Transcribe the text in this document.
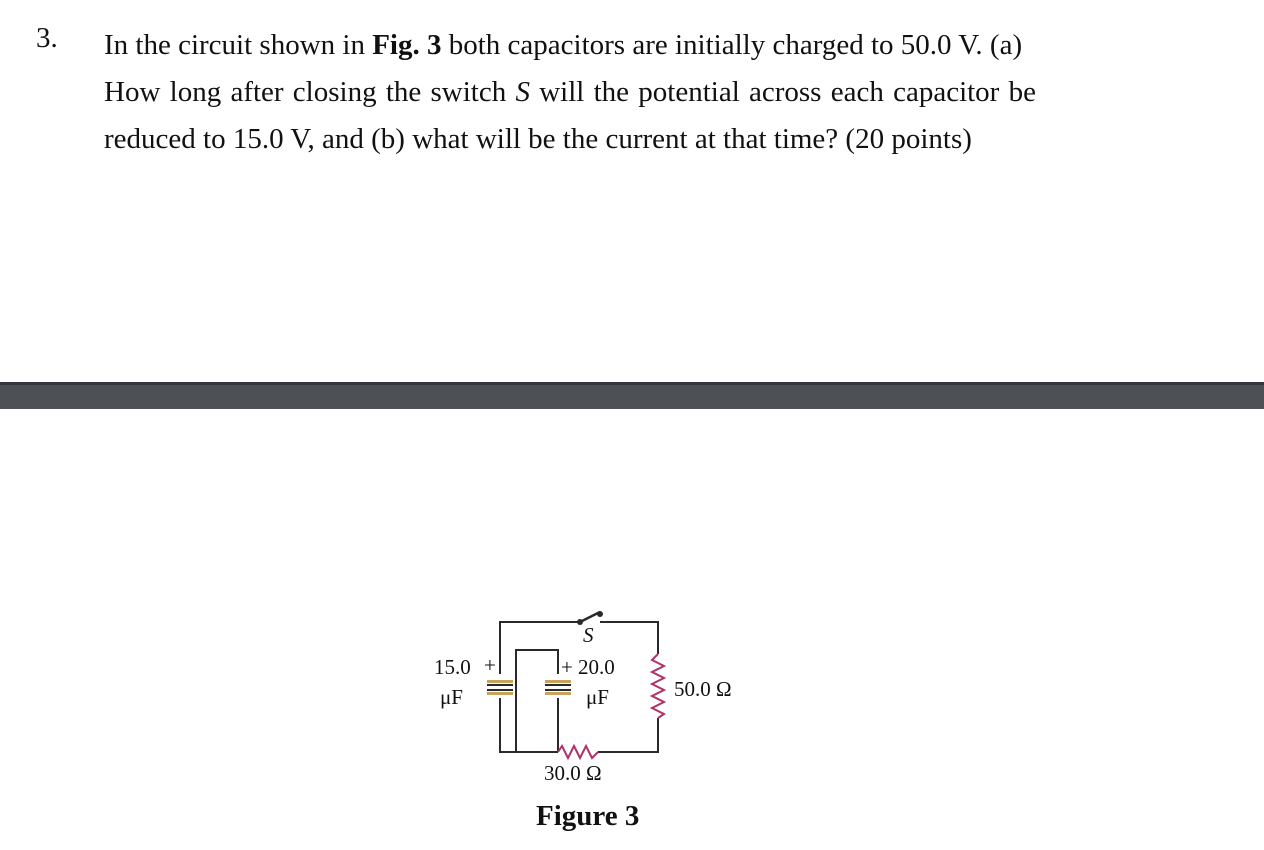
3. In the circuit shown in Fig. 3 both capacitors are initially charged to 50.0 V. (a)

How long after closing the switch S will the potential across each capacitor be

reduced to 15.0 V, and (b) what will be the current at that time? (20 points)

S
+
15.0
μF
+ 20.0
μF	50.0 Ω
30.0 Ω
Figure 3
